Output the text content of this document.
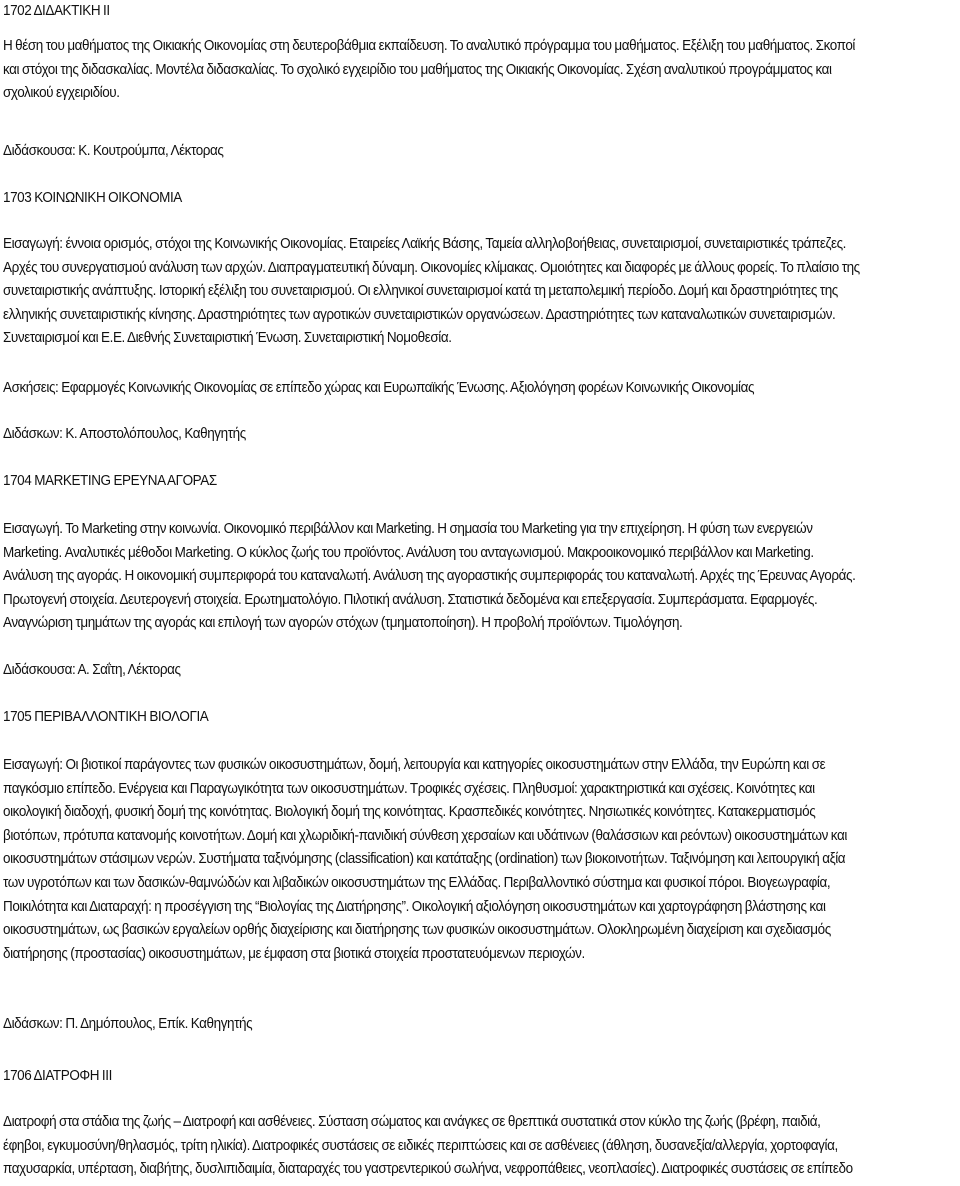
1702 ΔΙΔΑΚΤΙΚΗ ΙΙ
Η θέση του μαθήματος της Οικιακής Οικονομίας στη δευτεροβάθμια εκπαίδευση. Το αναλυτικό πρόγραμμα του μαθήματος. Εξέλιξη του μαθήματος. Σκοποί
και στόχοι της διδασκαλίας. Μοντέλα διδασκαλίας. Το σχολικό εγχειρίδιο του μαθήματος της Οικιακής Οικονομίας. Σχέση αναλυτικού προγράμματος και
σχολικού εγχειριδίου.
Διδάσκουσα: Κ. Κουτρούμπα, Λέκτορας
1703 ΚΟΙΝΩΝΙΚΗ ΟΙΚΟΝΟΜΙΑ
Εισαγωγή: έννοια ορισμός, στόχοι της Κοινωνικής Οικονομίας. Εταιρείες Λαϊκής Βάσης, Ταμεία αλληλοβοήθειας, συνεταιρισμοί, συνεταιριστικές τράπεζες.
Αρχές του συνεργατισμού ανάλυση των αρχών. Διαπραγματευτική δύναμη. Οικονομίες κλίμακας. Ομοιότητες και διαφορές με άλλους φορείς. Το πλαίσιο της
συνεταιριστικής ανάπτυξης. Ιστορική εξέλιξη του συνεταιρισμού. Οι ελληνικοί συνεταιρισμοί κατά τη μεταπολεμική περίοδο. Δομή και δραστηριότητες της
ελληνικής συνεταιριστικής κίνησης. Δραστηριότητες των αγροτικών συνεταιριστικών οργανώσεων. Δραστηριότητες των καταναλωτικών συνεταιρισμών.
Συνεταιρισμοί και Ε.Ε. Διεθνής Συνεταιριστική Ένωση. Συνεταιριστική Νομοθεσία.
Ασκήσεις: Εφαρμογές Κοινωνικής Οικονομίας σε επίπεδο χώρας και Ευρωπαϊκής Ένωσης. Αξιολόγηση φορέων Κοινωνικής Οικονομίας
Διδάσκων: Κ. Αποστολόπουλος, Καθηγητής
1704 MARKETING ΕΡΕΥΝΑ ΑΓΟΡΑΣ
Εισαγωγή. Το Marketing στην κοινωνία. Οικονομικό περιβάλλον και Marketing. Η σημασία του Marketing για την επιχείρηση. Η φύση των ενεργειών
Marketing. Αναλυτικές μέθοδοι Marketing. Ο κύκλος ζωής του προϊόντος. Ανάλυση του ανταγωνισμού. Μακροοικονομικό περιβάλλον και Marketing.
Ανάλυση της αγοράς. Η οικονομική συμπεριφορά του καταναλωτή. Ανάλυση της αγοραστικής συμπεριφοράς του καταναλωτή. Αρχές της Έρευνας Αγοράς.
Πρωτογενή στοιχεία. Δευτερογενή στοιχεία. Ερωτηματολόγιο. Πιλοτική ανάλυση. Στατιστικά δεδομένα και επεξεργασία. Συμπεράσματα. Εφαρμογές.
Αναγνώριση τμημάτων της αγοράς και επιλογή των αγορών στόχων (τμηματοποίηση). Η προβολή προϊόντων. Τιμολόγηση.
Διδάσκουσα: Α. Σαΐτη, Λέκτορας
1705 ΠΕΡΙΒΑΛΛΟΝΤΙΚΗ ΒΙΟΛΟΓΙΑ
Εισαγωγή: Οι βιοτικοί παράγοντες των φυσικών οικοσυστημάτων, δομή, λειτουργία και κατηγορίες οικοσυστημάτων στην Ελλάδα, την Ευρώπη και σε
παγκόσμιο επίπεδο. Ενέργεια και Παραγωγικότητα των οικοσυστημάτων. Τροφικές σχέσεις. Πληθυσμοί: χαρακτηριστικά και σχέσεις. Κοινότητες και
οικολογική διαδοχή, φυσική δομή της κοινότητας. Βιολογική δομή της κοινότητας. Κρασπεδικές κοινότητες. Νησιωτικές κοινότητες. Κατακερματισμός
βιοτόπων, πρότυπα κατανομής κοινοτήτων. Δομή και χλωριδική-πανιδική σύνθεση χερσαίων και υδάτινων (θαλάσσιων και ρεόντων) οικοσυστημάτων και
οικοσυστημάτων στάσιμων νερών. Συστήματα ταξινόμησης (classification) και κατάταξης (ordination) των βιοκοινοτήτων. Ταξινόμηση και λειτουργική αξία
των υγροτόπων και των δασικών-θαμνώδών και λιβαδικών οικοσυστημάτων της Ελλάδας. Περιβαλλοντικό σύστημα και φυσικοί πόροι. Βιογεωγραφία,
Ποικιλότητα και Διαταραχή: η προσέγγιση της “Βιολογίας της Διατήρησης”. Οικολογική αξιολόγηση οικοσυστημάτων και χαρτογράφηση βλάστησης και
οικοσυστημάτων, ως βασικών εργαλείων ορθής διαχείρισης και διατήρησης των φυσικών οικοσυστημάτων. Ολοκληρωμένη διαχείριση και σχεδιασμός
διατήρησης (προστασίας) οικοσυστημάτων, με έμφαση στα βιοτικά στοιχεία προστατευόμενων περιοχών.
Διδάσκων: Π. Δημόπουλος, Επίκ. Καθηγητής
1706 ΔΙΑΤΡΟΦΗ ΙΙΙ
Διατροφή στα στάδια της ζωής – Διατροφή και ασθένειες. Σύσταση σώματος και ανάγκες σε θρεπτικά συστατικά στον κύκλο της ζωής (βρέφη, παιδιά,
έφηβοι, εγκυμοσύνη/θηλασμός, τρίτη ηλικία). Διατροφικές συστάσεις σε ειδικές περιπτώσεις και σε ασθένειες (άθληση, δυσανεξία/αλλεργία, χορτοφαγία,
παχυσαρκία, υπέρταση, διαβήτης, δυσλιπιδαιμία, διαταραχές του γαστρεντερικού σωλήνα, νεφροπάθειες, νεοπλασίες). Διατροφικές συστάσεις σε επίπεδο
